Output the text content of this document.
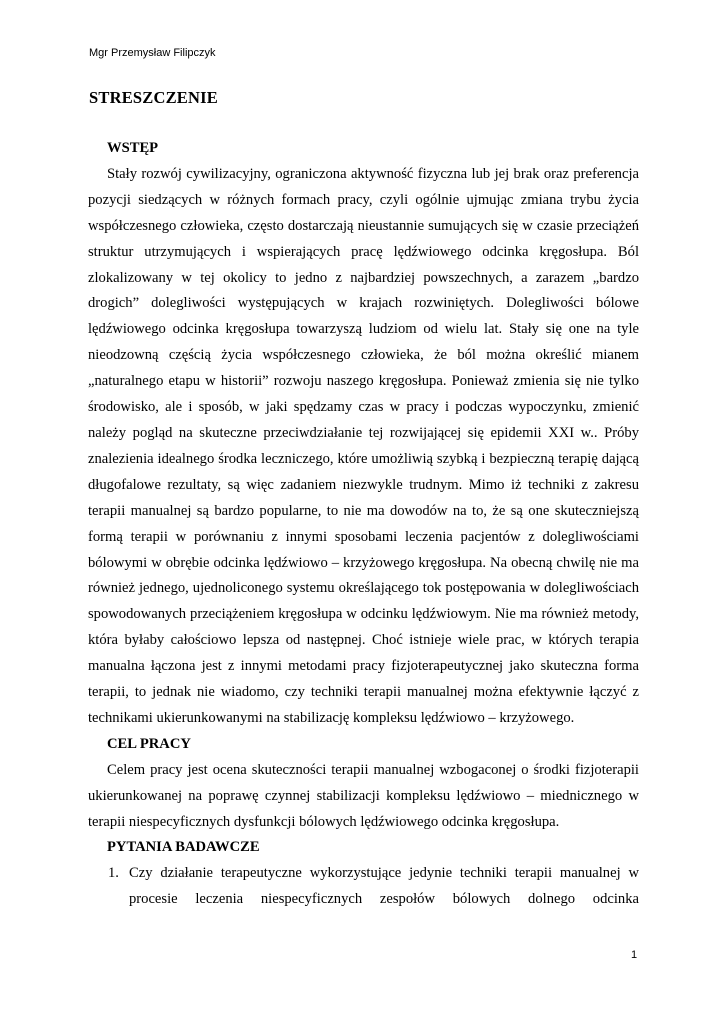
Mgr Przemysław Filipczyk
STRESZCZENIE

WSTĘP

Stały rozwój cywilizacyjny, ograniczona aktywność fizyczna lub jej brak oraz preferencja pozycji siedzących w różnych formach pracy, czyli ogólnie ujmując zmiana trybu życia współczesnego człowieka, często dostarczają nieustannie sumujących się w czasie przeciążeń struktur utrzymujących i wspierających pracę lędźwiowego odcinka kręgosłupa. Ból zlokalizowany w tej okolicy to jedno z najbardziej powszechnych, a zarazem „bardzo drogich” dolegliwości występujących w krajach rozwiniętych. Dolegliwości bólowe lędźwiowego odcinka kręgosłupa towarzyszą ludziom od wielu lat. Stały się one na tyle nieodzowną częścią życia współczesnego człowieka, że ból można określić mianem „naturalnego etapu w historii” rozwoju naszego kręgosłupa. Ponieważ zmienia się nie tylko środowisko, ale i sposób, w jaki spędzamy czas w pracy i podczas wypoczynku, zmienić należy pogląd na skuteczne przeciwdziałanie tej rozwijającej się epidemii XXI w.. Próby znalezienia idealnego środka leczniczego, które umożliwią szybką i bezpieczną terapię dającą długofalowe rezultaty, są więc zadaniem niezwykle trudnym. Mimo iż techniki z zakresu terapii manualnej są bardzo popularne, to nie ma dowodów na to, że są one skuteczniejszą formą terapii w porównaniu z innymi sposobami leczenia pacjentów z dolegliwościami bólowymi w obrębie odcinka lędźwiowo – krzyżowego kręgosłupa. Na obecną chwilę nie ma również jednego, ujednoliconego systemu określającego tok postępowania w dolegliwościach spowodowanych przeciążeniem kręgosłupa w odcinku lędźwiowym. Nie ma również metody, która byłaby całościowo lepsza od następnej. Choć istnieje wiele prac, w których terapia manualna łączona jest z innymi metodami pracy fizjoterapeutycznej jako skuteczna forma terapii, to jednak nie wiadomo, czy techniki terapii manualnej można efektywnie łączyć z technikami ukierunkowanymi na stabilizację kompleksu lędźwiowo – krzyżowego.

CEL PRACY

Celem pracy jest ocena skuteczności terapii manualnej wzbogaconej o środki fizjoterapii ukierunkowanej na poprawę czynnej stabilizacji kompleksu lędźwiowo – miednicznego w terapii niespecyficznych dysfunkcji bólowych lędźwiowego odcinka kręgosłupa.

PYTANIA BADAWCZE

1. Czy działanie terapeutyczne wykorzystujące jedynie techniki terapii manualnej w procesie leczenia niespecyficznych zespołów bólowych dolnego odcinka
1
